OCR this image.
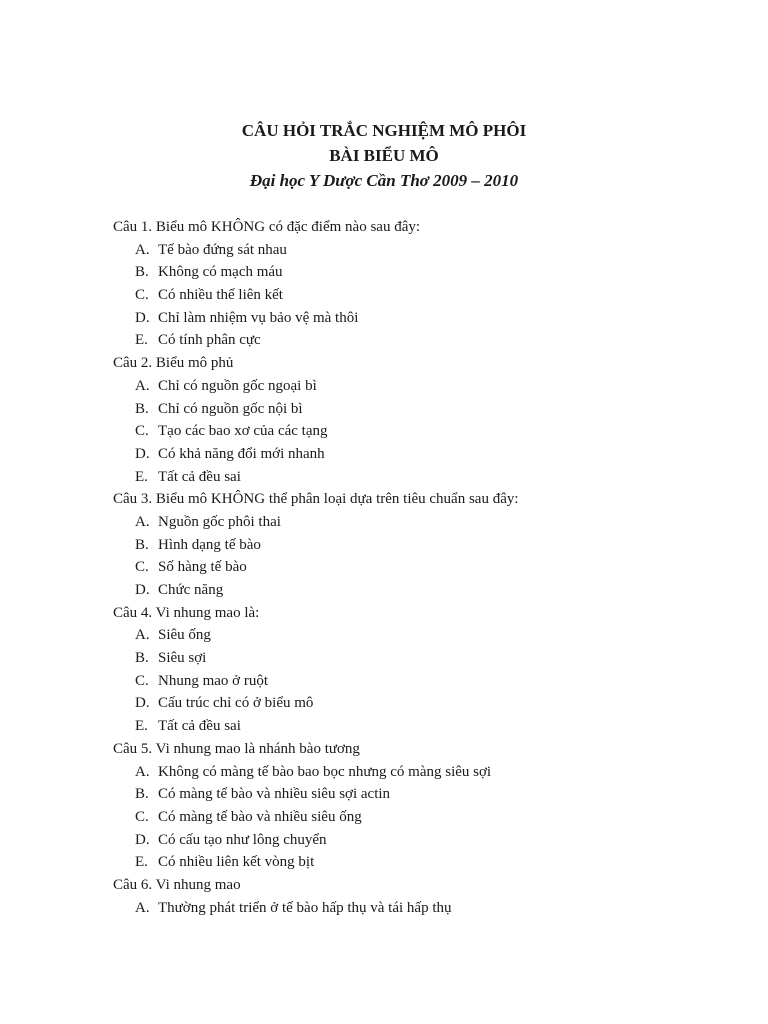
CÂU HỎI TRẮC NGHIỆM MÔ PHÔI
BÀI BIỂU MÔ
Đại học Y Dược Cần Thơ 2009 – 2010
Câu 1. Biểu mô KHÔNG có đặc điểm nào sau đây:
A. Tế bào đứng sát nhau
B. Không có mạch máu
C. Có nhiều thể liên kết
D. Chỉ làm nhiệm vụ bảo vệ mà thôi
E. Có tính phân cực
Câu 2. Biểu mô phủ
A. Chỉ có nguồn gốc ngoại bì
B. Chỉ có nguồn gốc nội bì
C. Tạo các bao xơ của các tạng
D. Có khả năng đổi mới nhanh
E. Tất cả đều sai
Câu 3. Biểu mô KHÔNG thể phân loại dựa trên tiêu chuẩn sau đây:
A. Nguồn gốc phôi thai
B. Hình dạng tế bào
C. Số hàng tế bào
D. Chức năng
Câu 4. Vi nhung mao là:
A. Siêu ống
B. Siêu sợi
C. Nhung mao ở ruột
D. Cấu trúc chỉ có ở biểu mô
E. Tất cả đều sai
Câu 5. Vi nhung mao là nhánh bào tương
A. Không có màng tế bào bao bọc nhưng có màng siêu sợi
B. Có màng tế bào và nhiều siêu sợi actin
C. Có màng tế bào và nhiều siêu ống
D. Có cấu tạo như lông chuyển
E. Có nhiều liên kết vòng bịt
Câu 6. Vi nhung mao
A. Thường phát triển ở tế bào hấp thụ và tái hấp thụ
